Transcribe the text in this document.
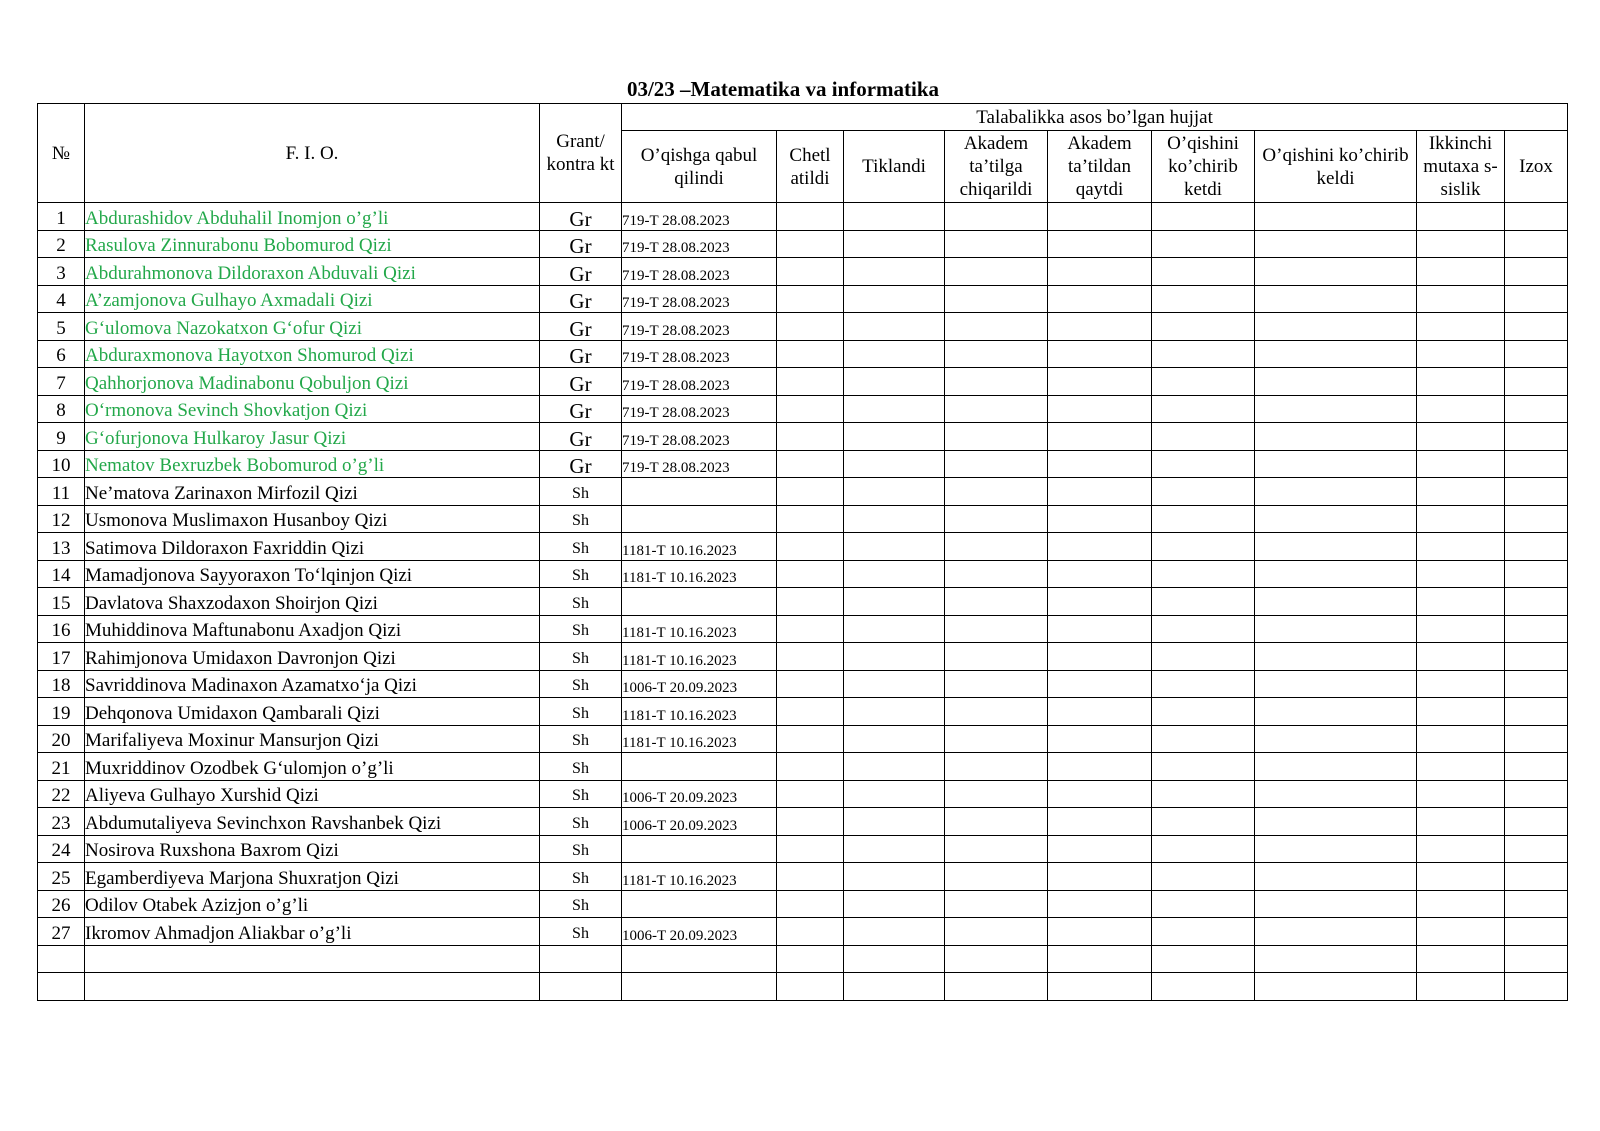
03/23 –Matematika va informatika
№	F. I. O.	Grant/ kontra kt	Talabalikka asos bo’lgan hujjat								
			O’qishga qabul qilindi	Chetl atildi	Tiklandi	Akadem ta’tilga chiqarildi	Akadem ta’tildan qaytdi	O’qishini ko’chirib ketdi	O’qishini ko’chirib keldi	Ikkinchi mutaxa s-sislik	Izox
1	Abdurashidov Abduhalil Inomjon o’g’li	Gr	719-T 28.08.2023								
2	Rasulova Zinnurabonu Bobomurod Qizi	Gr	719-T 28.08.2023								
3	Abdurahmonova Dildoraxon Abduvali Qizi	Gr	719-T 28.08.2023								
4	A’zamjonova Gulhayo Axmadali Qizi	Gr	719-T 28.08.2023								
5	G‘ulomova Nazokatxon G‘ofur Qizi	Gr	719-T 28.08.2023								
6	Abduraxmonova Hayotxon Shomurod Qizi	Gr	719-T 28.08.2023								
7	Qahhorjonova Madinabonu Qobuljon Qizi	Gr	719-T 28.08.2023								
8	O‘rmonova Sevinch Shovkatjon Qizi	Gr	719-T 28.08.2023								
9	G‘ofurjonova Hulkaroy Jasur Qizi	Gr	719-T 28.08.2023								
10	Nematov Bexruzbek Bobomurod o’g’li	Gr	719-T 28.08.2023								
11	Ne’matova Zarinaxon Mirfozil Qizi	Sh									
12	Usmonova Muslimaxon Husanboy Qizi	Sh									
13	Satimova Dildoraxon Faxriddin Qizi	Sh	1181-T 10.16.2023								
14	Mamadjonova Sayyoraxon To‘lqinjon Qizi	Sh	1181-T 10.16.2023								
15	Davlatova Shaxzodaxon Shoirjon Qizi	Sh									
16	Muhiddinova Maftunabonu Axadjon Qizi	Sh	1181-T 10.16.2023								
17	Rahimjonova Umidaxon Davronjon Qizi	Sh	1181-T 10.16.2023								
18	Savriddinova Madinaxon Azamatxo‘ja Qizi	Sh	1006-T 20.09.2023								
19	Dehqonova Umidaxon Qambarali Qizi	Sh	1181-T 10.16.2023								
20	Marifaliyeva Moxinur Mansurjon Qizi	Sh	1181-T 10.16.2023								
21	Muxriddinov Ozodbek G‘ulomjon o’g’li	Sh									
22	Aliyeva Gulhayo Xurshid Qizi	Sh	1006-T 20.09.2023								
23	Abdumutaliyeva Sevinchxon Ravshanbek Qizi	Sh	1006-T 20.09.2023								
24	Nosirova Ruxshona Baxrom Qizi	Sh									
25	Egamberdiyeva Marjona Shuxratjon Qizi	Sh	1181-T 10.16.2023								
26	Odilov Otabek Azizjon o’g’li	Sh									
27	Ikromov Ahmadjon Aliakbar o’g’li	Sh	1006-T 20.09.2023								
